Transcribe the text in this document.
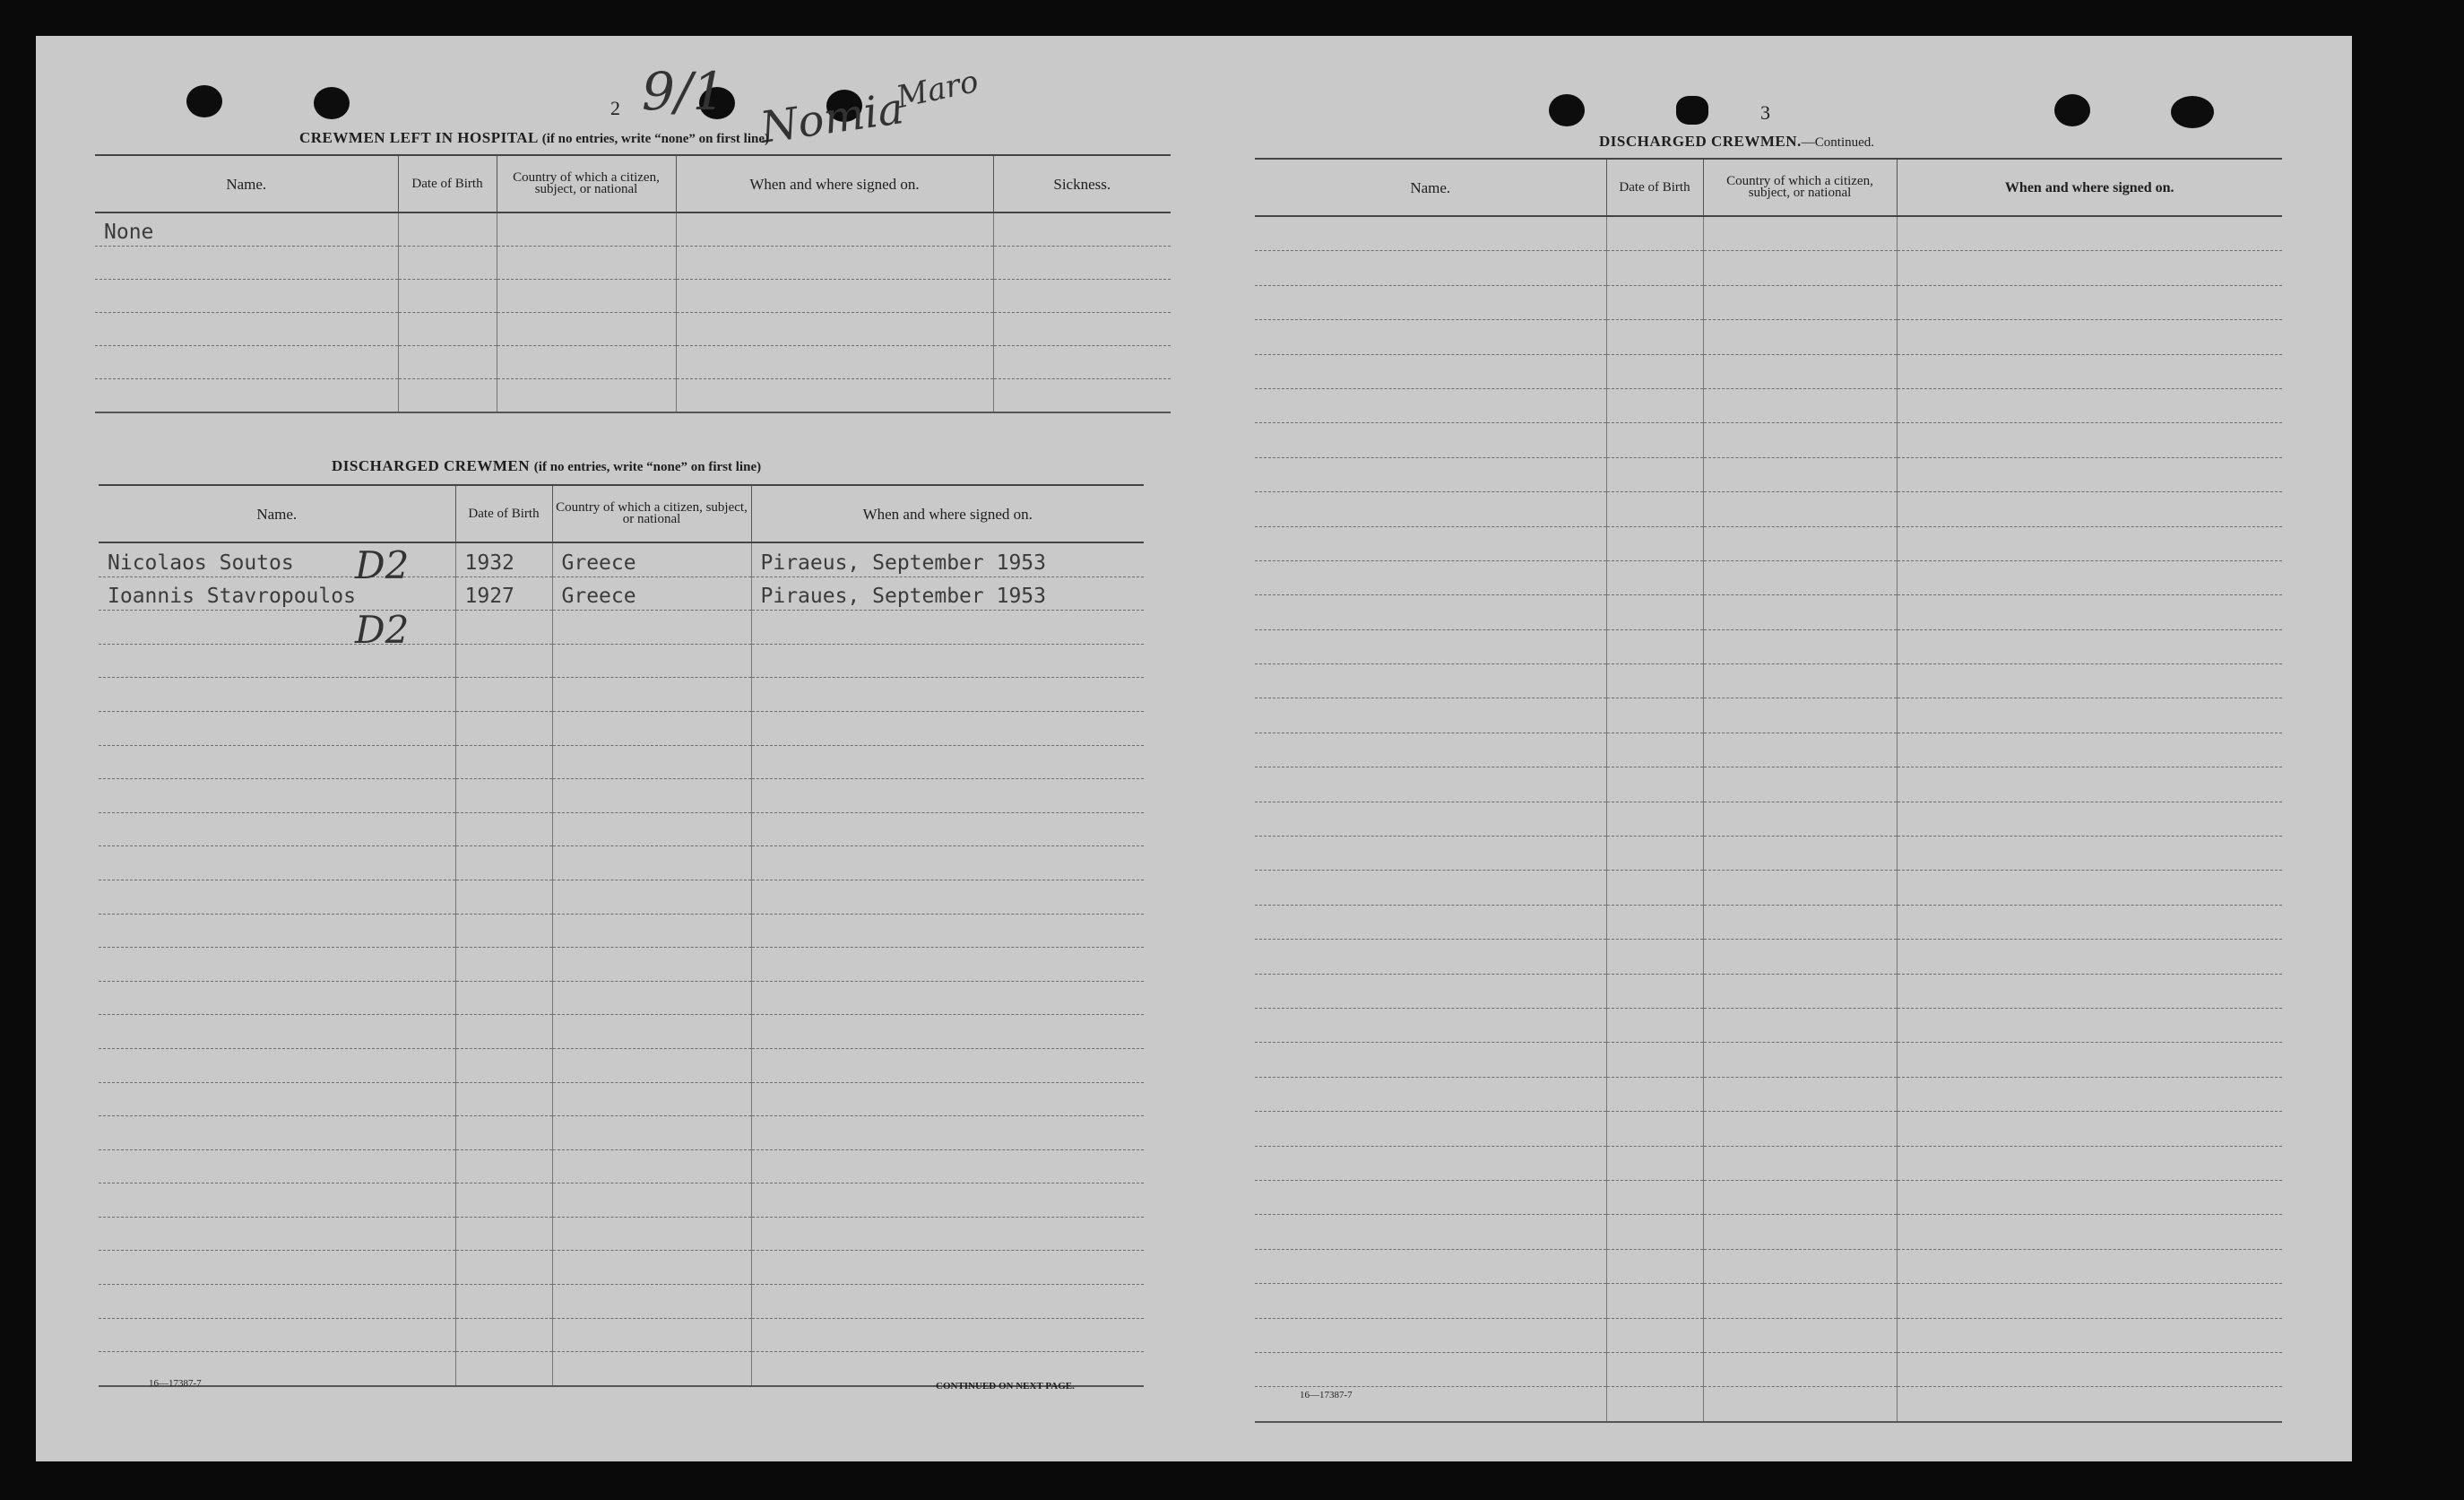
2 9/1 Nomia
Maro
CREWMEN LEFT IN HOSPITAL (if no entries, write “none” on first line)
Name.	Date of Birth	Country of which a citizen, subject, or national	When and where signed on.	Sickness.
None				

DISCHARGED CREWMEN (if no entries, write “none” on first line)
Name.	Date of Birth	Country of which a citizen, subject, or national	When and where signed on.
Nicolaos Soutos	1932	Greece	Piraeus, September 1953
Ioannis Stavropoulos	1927	Greece	Piraues, September 1953

D2
D2
16—17387-7	CONTINUED ON NEXT PAGE.
3
DISCHARGED CREWMEN.—Continued.
Name.	Date of Birth	Country of which a citizen, subject, or national	When and where signed on.

16—17387-7
